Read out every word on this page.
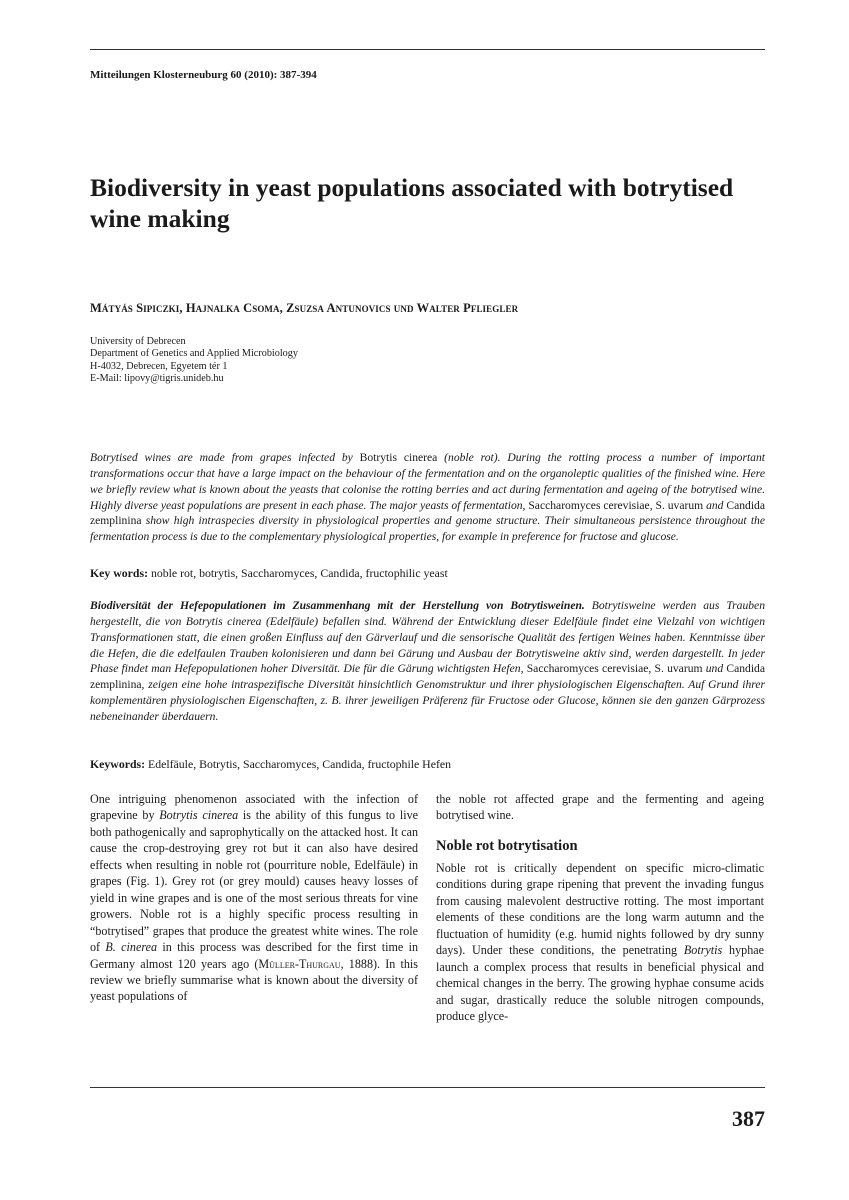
Mitteilungen Klosterneuburg 60 (2010): 387-394
Biodiversity in yeast populations associated with botrytised wine making
Mátyás Sipiczki, Hajnalka Csoma, Zsuzsa Antunovics und Walter Pfliegler
University of Debrecen
Department of Genetics and Applied Microbiology
H-4032, Debrecen, Egyetem tér 1
E-Mail: lipovy@tigris.unideb.hu

Botrytised wines are made from grapes infected by Botrytis cinerea (noble rot). During the rotting process a number of important transformations occur that have a large impact on the behaviour of the fermentation and on the organoleptic qualities of the finished wine. Here we briefly review what is known about the yeasts that colonise the rotting berries and act during fermentation and ageing of the botrytised wine. Highly diverse yeast populations are present in each phase. The major yeasts of fermentation, Saccharomyces cerevisiae, S. uvarum and Candida zemplinina show high intraspecies diversity in physiological properties and genome structure. Their simultaneous persistence throughout the fermentation process is due to the complementary physiological properties, for example in preference for fructose and glucose.

Key words: noble rot, botrytis, Saccharomyces, Candida, fructophilic yeast

Biodiversität der Hefepopulationen im Zusammenhang mit der Herstellung von Botrytisweinen. Botrytisweine werden aus Trauben hergestellt, die von Botrytis cinerea (Edelfäule) befallen sind. Während der Entwicklung dieser Edelfäule findet eine Vielzahl von wichtigen Transformationen statt, die einen großen Einfluss auf den Gärverlauf und die sensorische Qualität des fertigen Weines haben. Kenntnisse über die Hefen, die die edelfaulen Trauben kolonisieren und dann bei Gärung und Ausbau der Botrytisweine aktiv sind, werden dargestellt. In jeder Phase findet man Hefepopulationen hoher Diversität. Die für die Gärung wichtigsten Hefen, Saccharomyces cerevisiae, S. uvarum und Candida zemplinina, zeigen eine hohe intraspezifische Diversität hinsichtlich Genomstruktur und ihrer physiologischen Eigenschaften. Auf Grund ihrer komplementären physiologischen Eigenschaften, z. B. ihrer jeweiligen Präferenz für Fructose oder Glucose, können sie den ganzen Gärprozess nebeneinander überdauern.

Keywords: Edelfäule, Botrytis, Saccharomyces, Candida, fructophile Hefen

One intriguing phenomenon associated with the infection of grapevine by Botrytis cinerea is the ability of this fungus to live both pathogenically and saprophytically on the attacked host. It can cause the crop-destroying grey rot but it can also have desired effects when resulting in noble rot (pourriture noble, Edelfäule) in grapes (Fig. 1). Grey rot (or grey mould) causes heavy losses of yield in wine grapes and is one of the most serious threats for vine growers. Noble rot is a highly specific process resulting in “botrytised” grapes that produce the greatest white wines. The role of B. cinerea in this process was described for the first time in Germany almost 120 years ago (Müller-Thurgau, 1888). In this review we briefly summarise what is known about the diversity of yeast populations of

the noble rot affected grape and the fermenting and ageing botrytised wine.

Noble rot botrytisation

Noble rot is critically dependent on specific micro-climatic conditions during grape ripening that prevent the invading fungus from causing malevolent destructive rotting. The most important elements of these conditions are the long warm autumn and the fluctuation of humidity (e.g. humid nights followed by dry sunny days). Under these conditions, the penetrating Botrytis hyphae launch a complex process that results in beneficial physical and chemical changes in the berry. The growing hyphae consume acids and sugar, drastically reduce the soluble nitrogen compounds, produce glyce-

387
